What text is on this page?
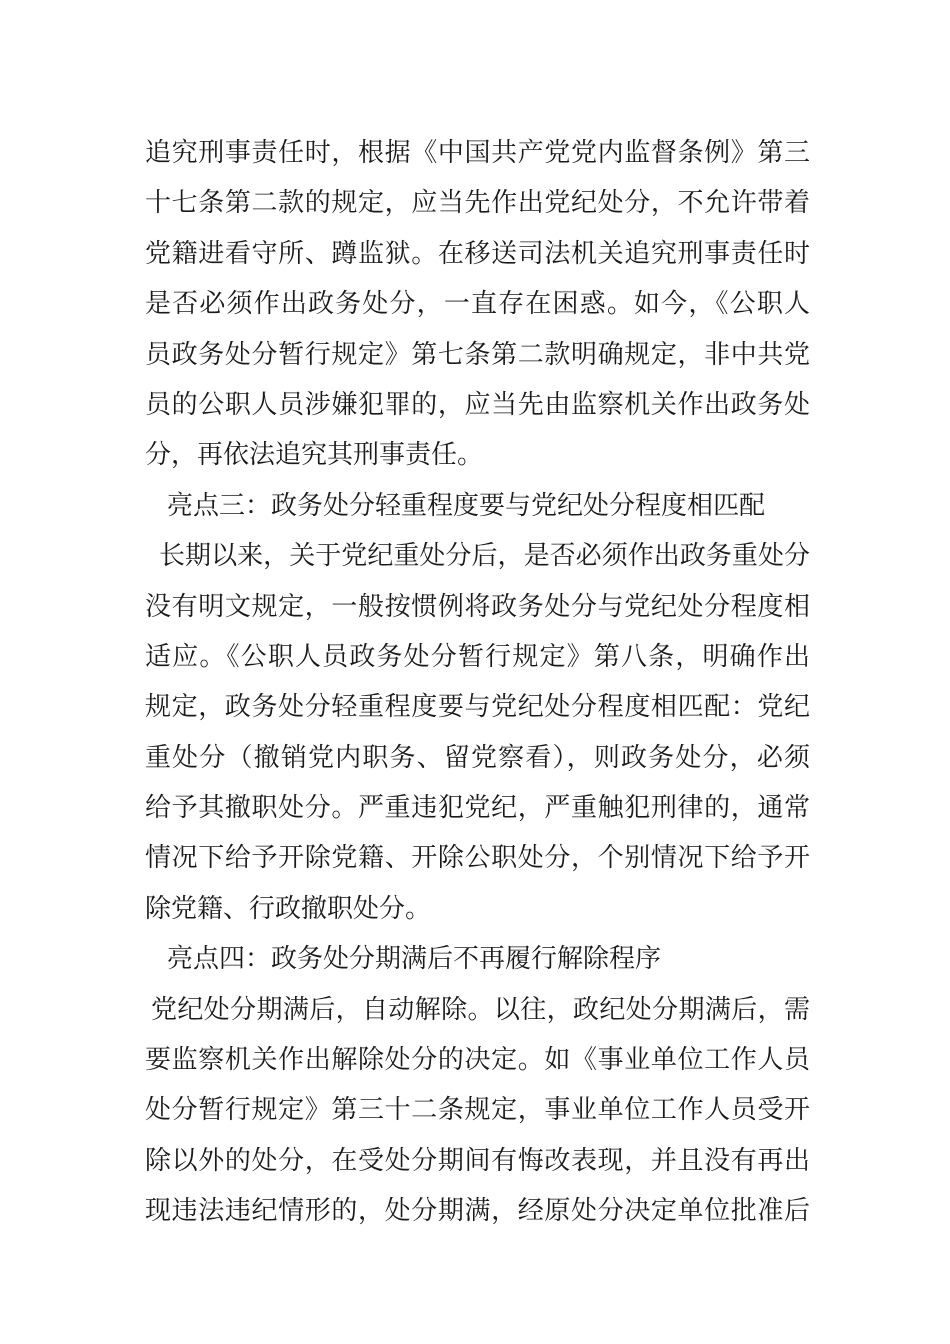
追究刑事责任时，根据《中国共产党党内监督条例》第三
十七条第二款的规定，应当先作出党纪处分，不允许带着
党籍进看守所、蹲监狱。在移送司法机关追究刑事责任时
是否必须作出政务处分，一直存在困惑。如今，《公职人
员政务处分暂行规定》第七条第二款明确规定，非中共党
员的公职人员涉嫌犯罪的，应当先由监察机关作出政务处
分，再依法追究其刑事责任。
亮点三：政务处分轻重程度要与党纪处分程度相匹配
长期以来，关于党纪重处分后，是否必须作出政务重处分
没有明文规定，一般按惯例将政务处分与党纪处分程度相
适应。《公职人员政务处分暂行规定》第八条，明确作出
规定，政务处分轻重程度要与党纪处分程度相匹配：党纪
重处分（撤销党内职务、留党察看），则政务处分，必须
给予其撤职处分。严重违犯党纪，严重触犯刑律的，通常
情况下给予开除党籍、开除公职处分，个别情况下给予开
除党籍、行政撤职处分。
亮点四：政务处分期满后不再履行解除程序
党纪处分期满后，自动解除。以往，政纪处分期满后，需
要监察机关作出解除处分的决定。如《事业单位工作人员
处分暂行规定》第三十二条规定，事业单位工作人员受开
除以外的处分，在受处分期间有悔改表现，并且没有再出
现违法违纪情形的，处分期满，经原处分决定单位批准后
